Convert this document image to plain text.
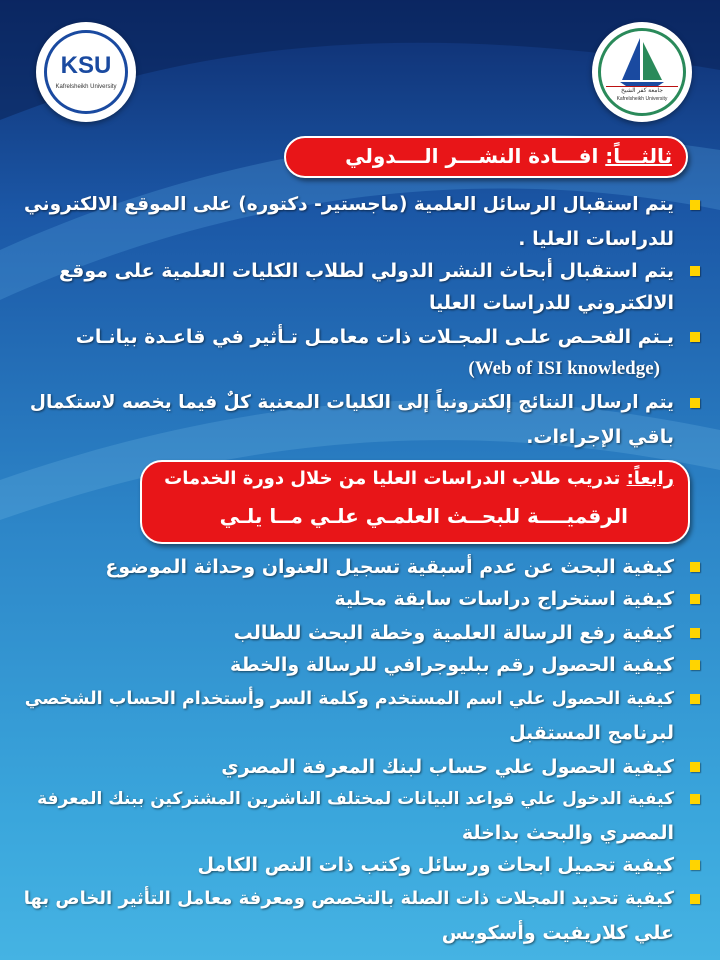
KSU
Kafrelsheikh University
جامعة كفر الشيخ
Kafrelsheikh University
ثالثـــاً: افـــادة النشـــر الــــدولي
يتم استقبال الرسائل العلمية (ماجستير- دكتوره) على الموقع الالكتروني
للدراسات العليا .
يتم استقبال أبحاث النشر الدولي لطلاب الكليات العلمية على موقع
الالكتروني للدراسات العليا
يـتم الفحـص علـى المجـلات ذات معامـل تـأثير في قاعـدة بيانـات
(Web of ISI knowledge)
يتم ارسال النتائج إلكترونياً إلى الكليات المعنية كلٌ فيما يخصه لاستكمال
باقي الإجراءات.
رابعاً: تدريب طلاب الدراسات العليا من خلال دورة الخدمات
الرقميــــة للبحــث العلمـي علـي مــا يلـي
كيفية البحث عن عدم أسبقية تسجيل العنوان وحداثة الموضوع
كيفية استخراج دراسات سابقة محلية
كيفية رفع الرسالة العلمية وخطة البحث للطالب
كيفية الحصول رقم ببليوجرافي للرسالة والخطة
كيفية الحصول علي اسم المستخدم وكلمة السر وأستخدام الحساب الشخصي
لبرنامج المستقبل
كيفية الحصول علي حساب لبنك المعرفة المصري
كيفية الدخول علي قواعد البيانات لمختلف الناشرين المشتركين ببنك المعرفة
المصري والبحث بداخلة
كيفية تحميل ابحاث ورسائل وكتب ذات النص الكامل
كيفية تحديد المجلات ذات الصلة بالتخصص ومعرفة معامل التأثير الخاص بها
علي كلاريفيت وأسكوبس
